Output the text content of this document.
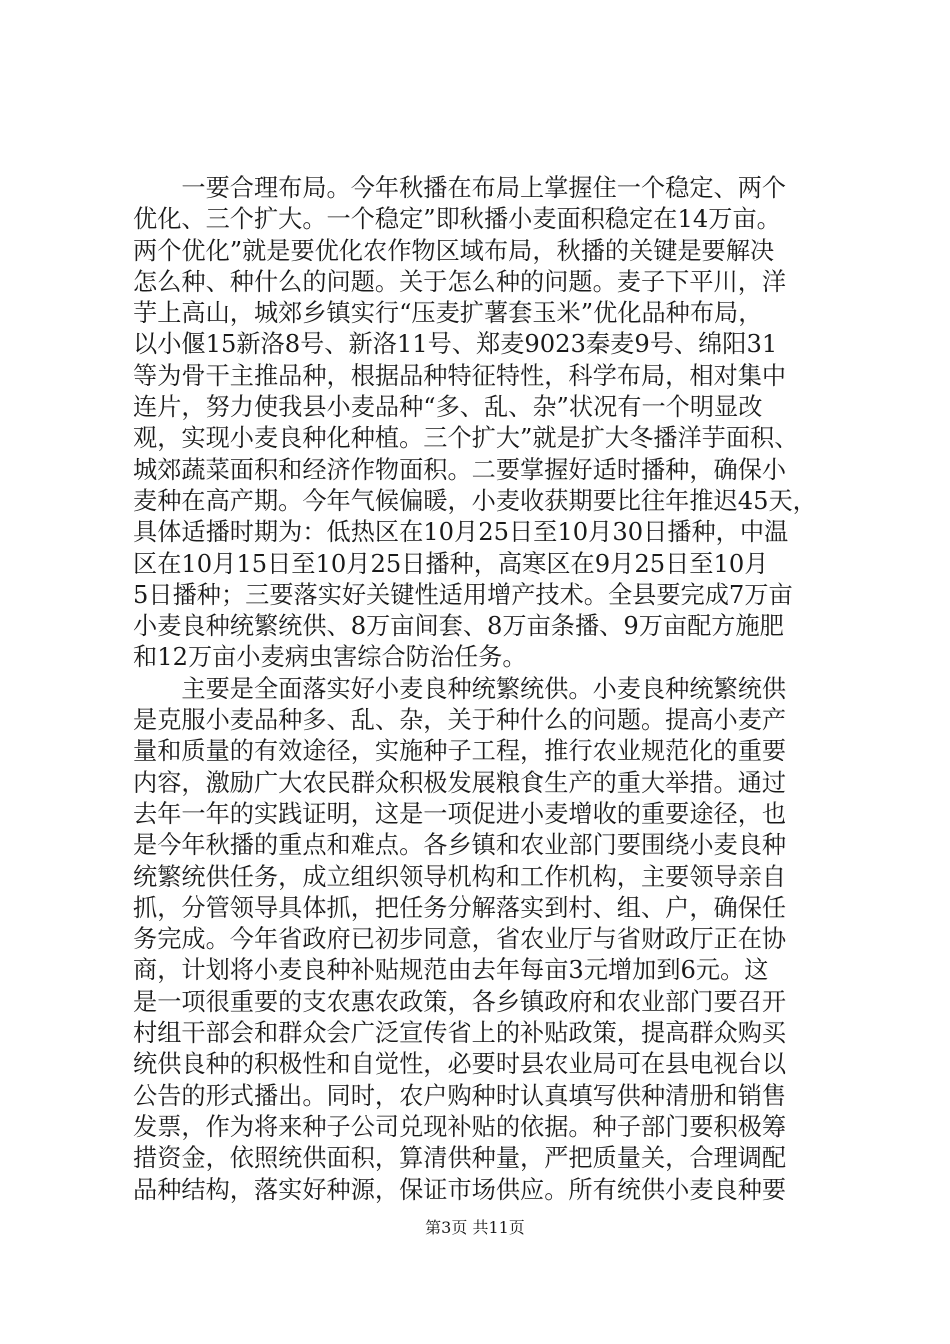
　　一要合理布局。今年秋播在布局上掌握住一个稳定、两个
优化、三个扩大。一个稳定”即秋播小麦面积稳定在14万亩。
两个优化”就是要优化农作物区域布局，秋播的关键是要解决
怎么种、种什么的问题。关于怎么种的问题。麦子下平川，洋
芋上高山，城郊乡镇实行“压麦扩薯套玉米”优化品种布局，
以小偃15新洛8号、新洛11号、郑麦9023秦麦9号、绵阳31
等为骨干主推品种，根据品种特征特性，科学布局，相对集中
连片，努力使我县小麦品种“多、乱、杂”状况有一个明显改
观，实现小麦良种化种植。三个扩大”就是扩大冬播洋芋面积、
城郊蔬菜面积和经济作物面积。二要掌握好适时播种，确保小
麦种在高产期。今年气候偏暖，小麦收获期要比往年推迟45天，
具体适播时期为：低热区在10月25日至10月30日播种，中温
区在10月15日至10月25日播种，高寒区在9月25日至10月
5日播种；三要落实好关键性适用增产技术。全县要完成7万亩
小麦良种统繁统供、8万亩间套、8万亩条播、9万亩配方施肥
和12万亩小麦病虫害综合防治任务。
　　主要是全面落实好小麦良种统繁统供。小麦良种统繁统供
是克服小麦品种多、乱、杂，关于种什么的问题。提高小麦产
量和质量的有效途径，实施种子工程，推行农业规范化的重要
内容，激励广大农民群众积极发展粮食生产的重大举措。通过
去年一年的实践证明，这是一项促进小麦增收的重要途径，也
是今年秋播的重点和难点。各乡镇和农业部门要围绕小麦良种
统繁统供任务，成立组织领导机构和工作机构，主要领导亲自
抓，分管领导具体抓，把任务分解落实到村、组、户，确保任
务完成。今年省政府已初步同意，省农业厅与省财政厅正在协
商，计划将小麦良种补贴规范由去年每亩3元增加到6元。这
是一项很重要的支农惠农政策，各乡镇政府和农业部门要召开
村组干部会和群众会广泛宣传省上的补贴政策，提高群众购买
统供良种的积极性和自觉性，必要时县农业局可在县电视台以
公告的形式播出。同时，农户购种时认真填写供种清册和销售
发票，作为将来种子公司兑现补贴的依据。种子部门要积极筹
措资金，依照统供面积，算清供种量，严把质量关，合理调配
品种结构，落实好种源，保证市场供应。所有统供小麦良种要
第3页 共11页
